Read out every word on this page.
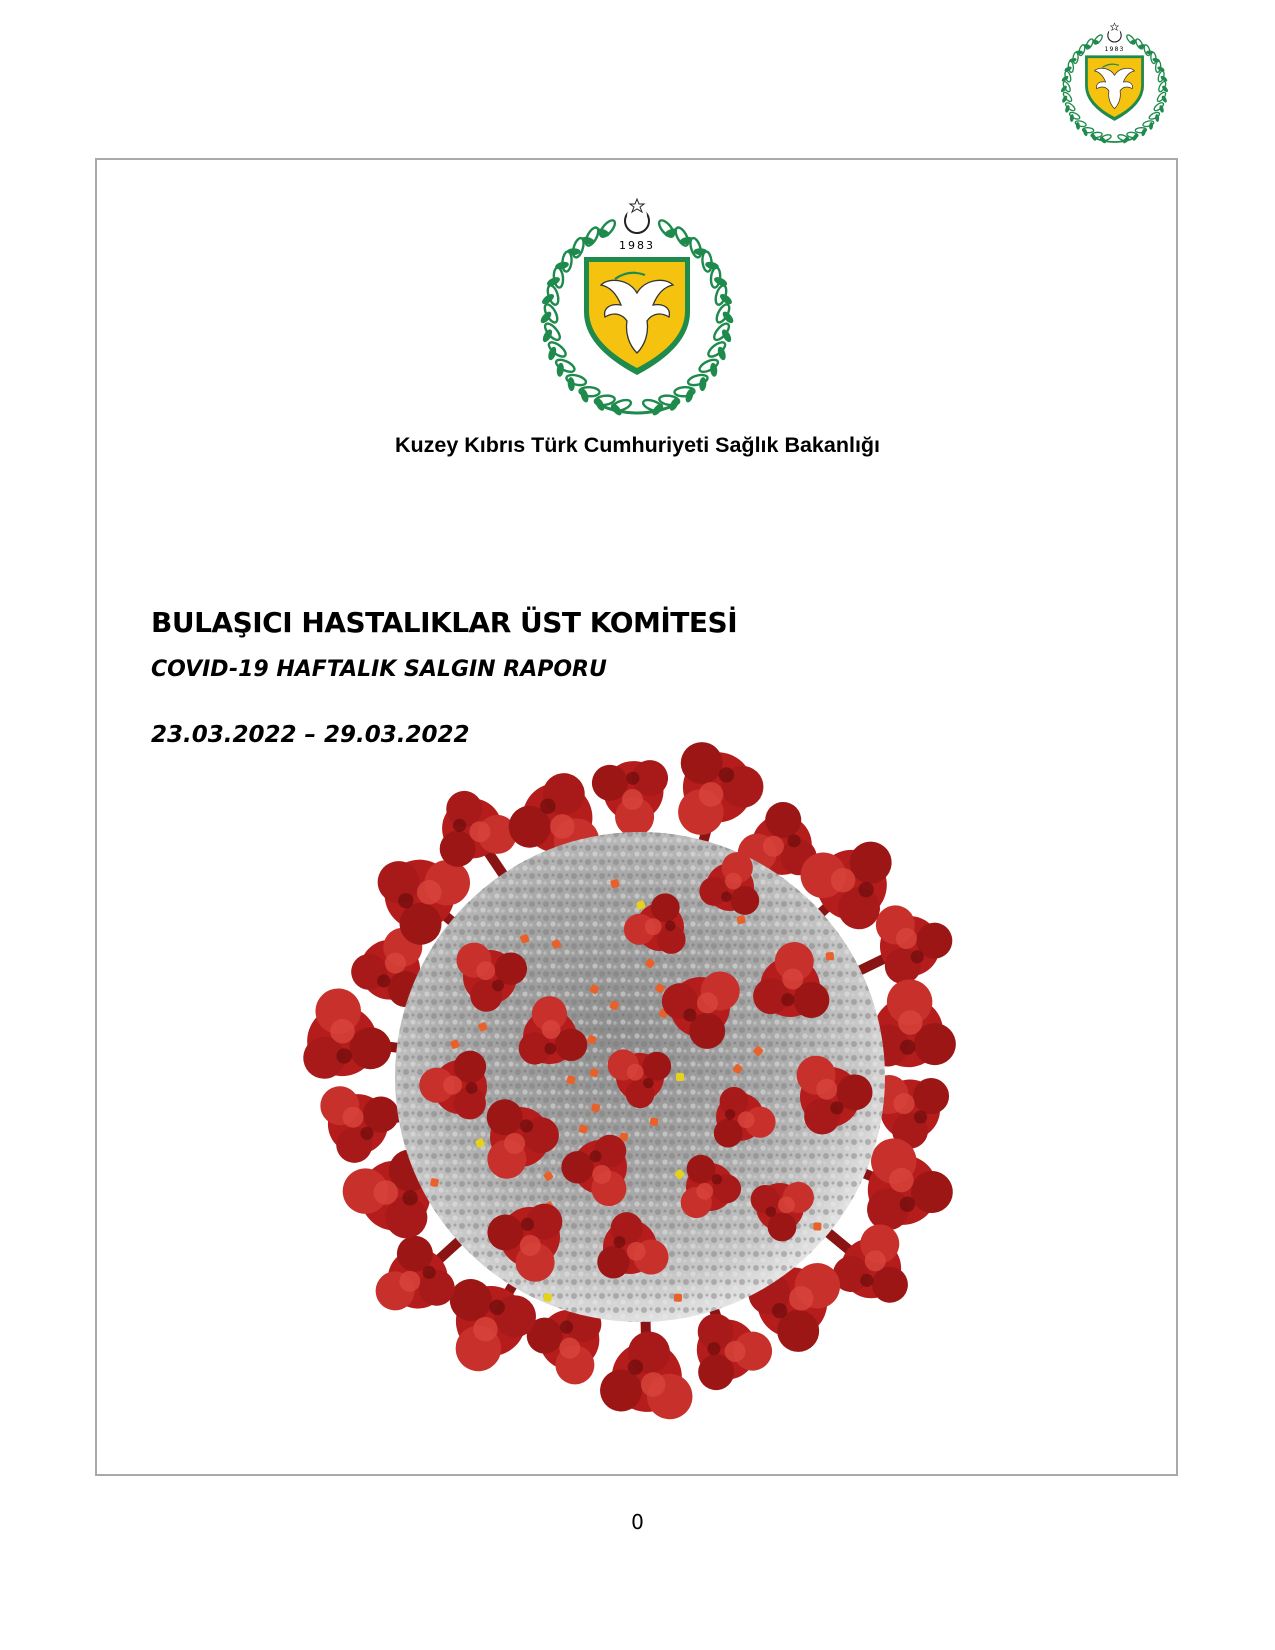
1983
1983
Kuzey Kıbrıs Türk Cumhuriyeti Sağlık Bakanlığı
BULAŞICI HASTALIKLAR ÜST KOMİTESİ
COVID-19 HAFTALIK SALGIN RAPORU
23.03.2022 – 29.03.2022
0
